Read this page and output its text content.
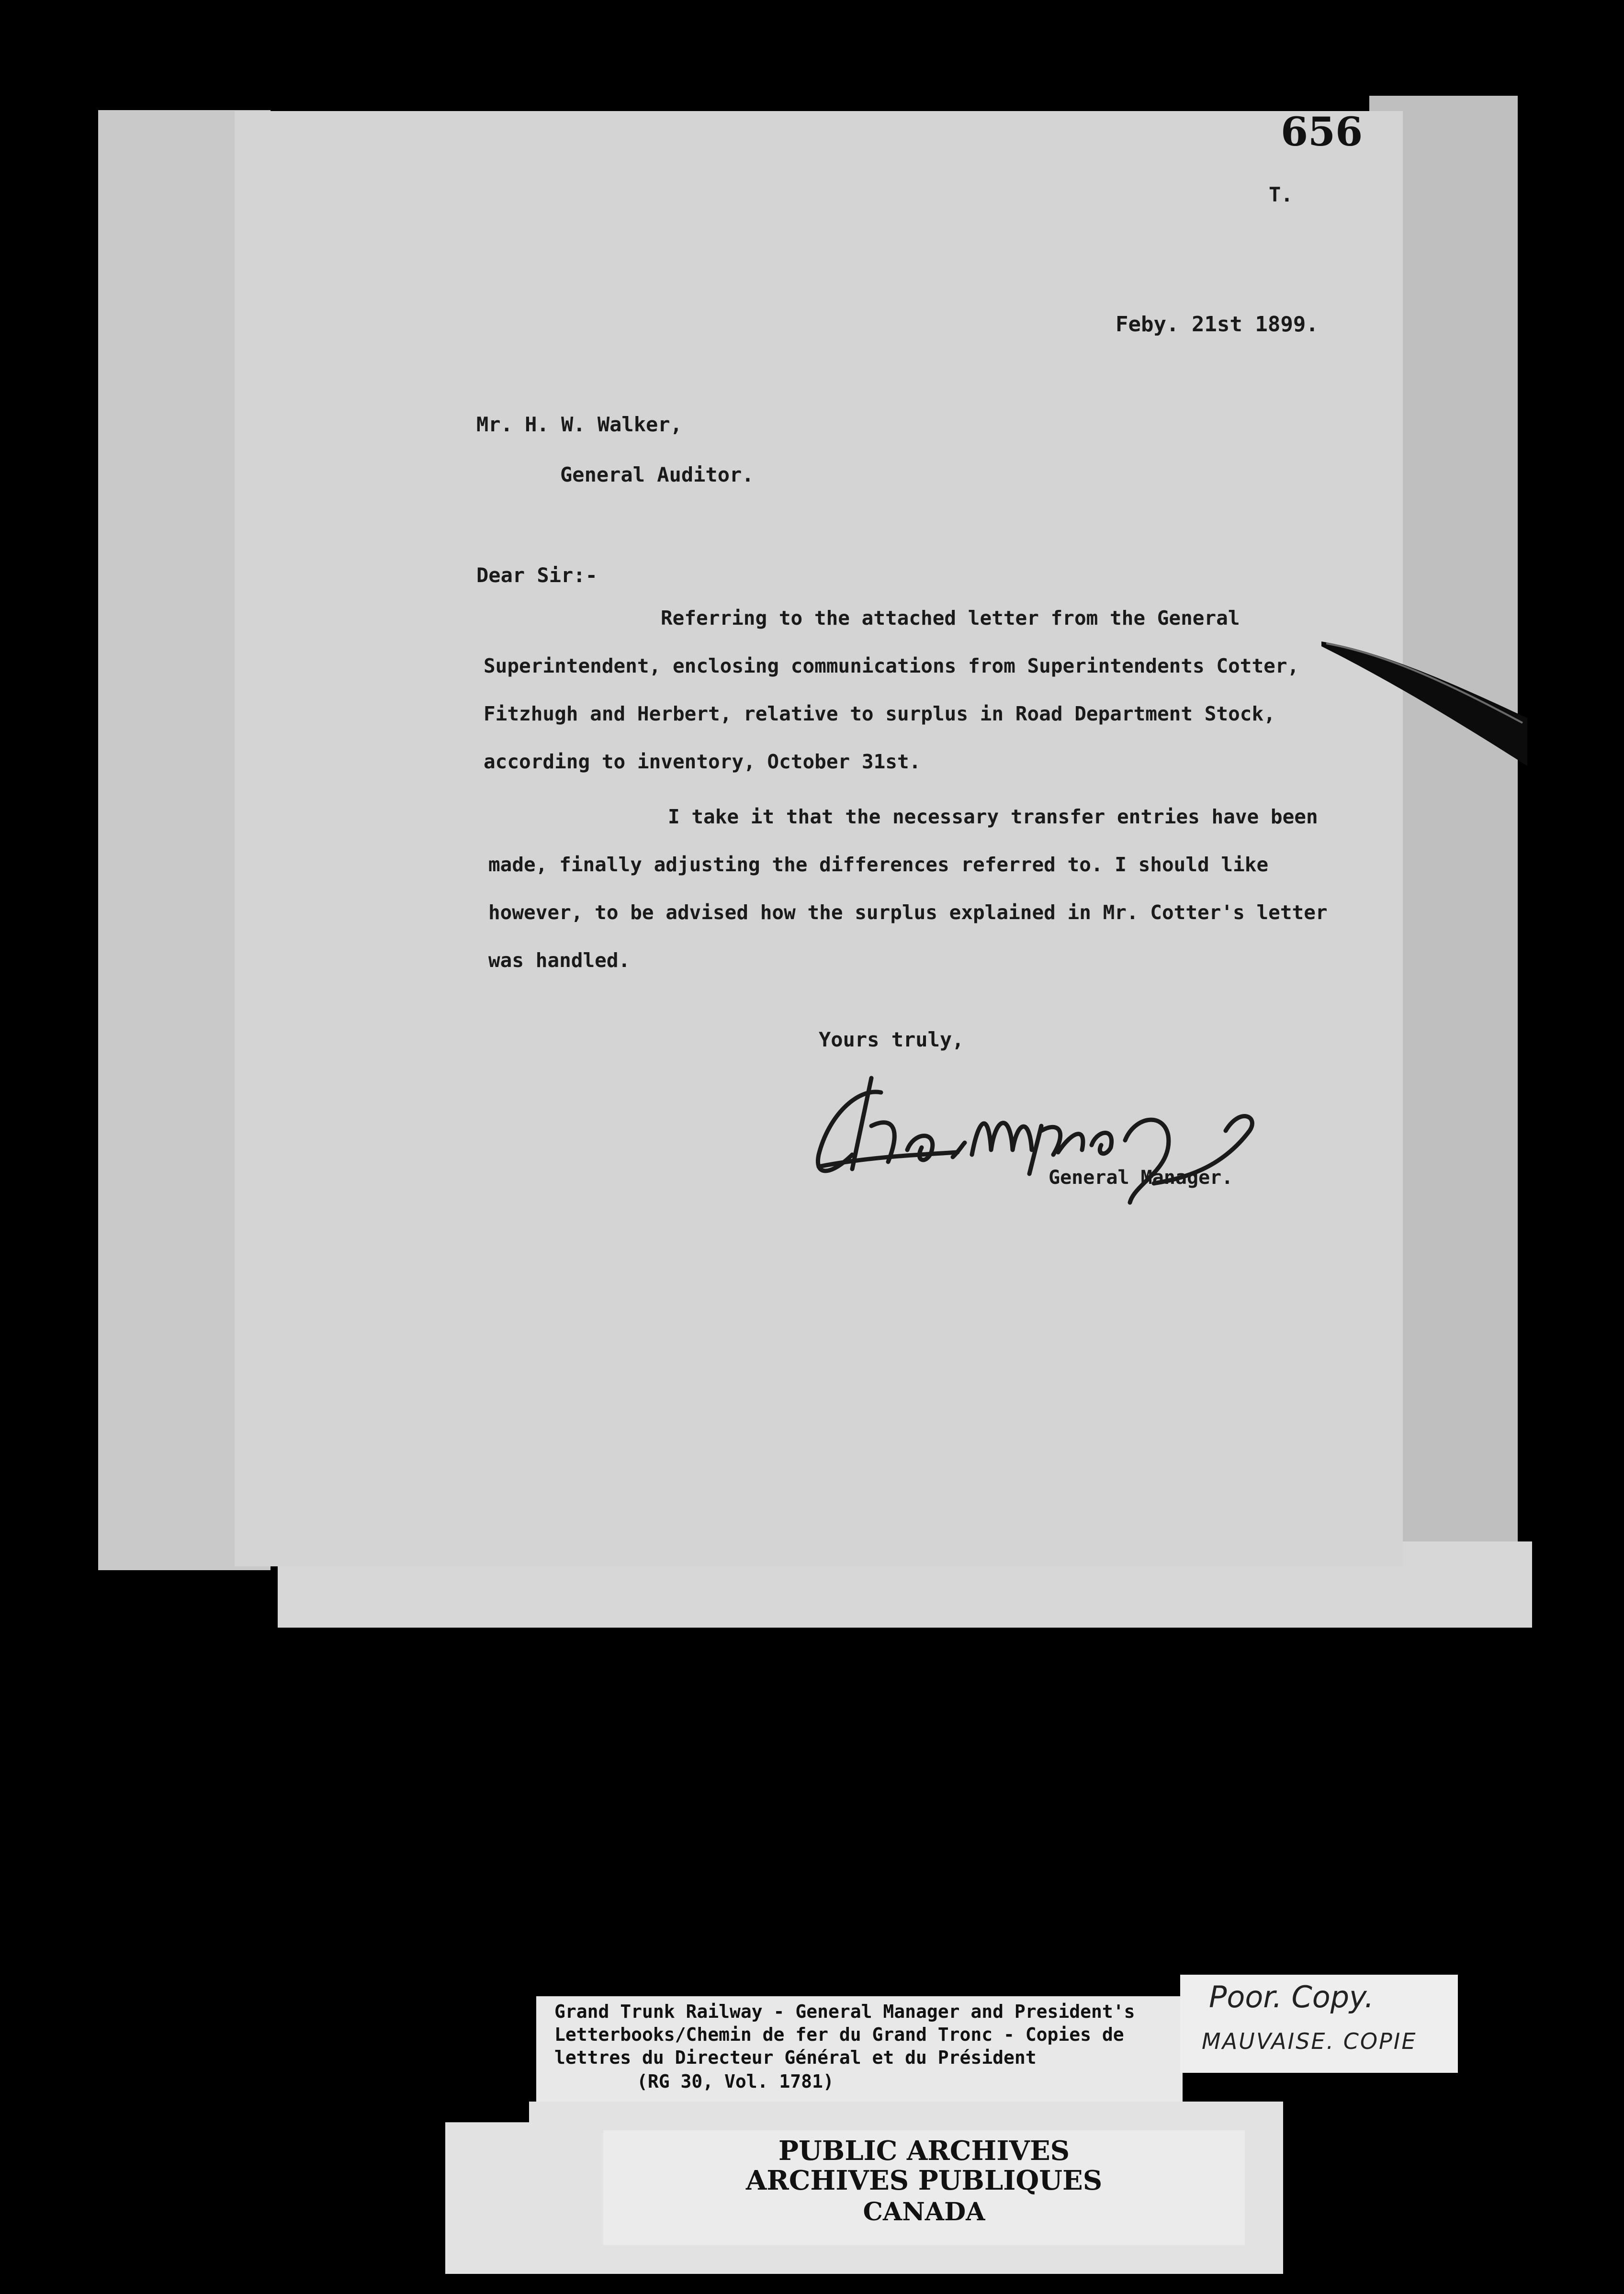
656
T.
Feby. 21st 1899.
Mr. H. W. Walker,
General Auditor.
Dear Sir:-
Referring to the attached letter from the General
Superintendent, enclosing communications from Superintendents Cotter,
Fitzhugh and Herbert, relative to surplus in Road Department Stock,
according to inventory, October 31st.
I take it that the necessary transfer entries have been
made, finally adjusting the differences referred to. I should like
however, to be advised how the surplus explained in Mr. Cotter's letter
was handled.
Yours truly,
General Manager.
Grand Trunk Railway - General Manager and President's
Letterbooks/Chemin de fer du Grand Tronc - Copies de
lettres du Directeur Général et du Président
(RG 30, Vol. 1781)
PUBLIC ARCHIVES
ARCHIVES PUBLIQUES
CANADA
Poor. Copy.
MAUVAISE. COPIE
